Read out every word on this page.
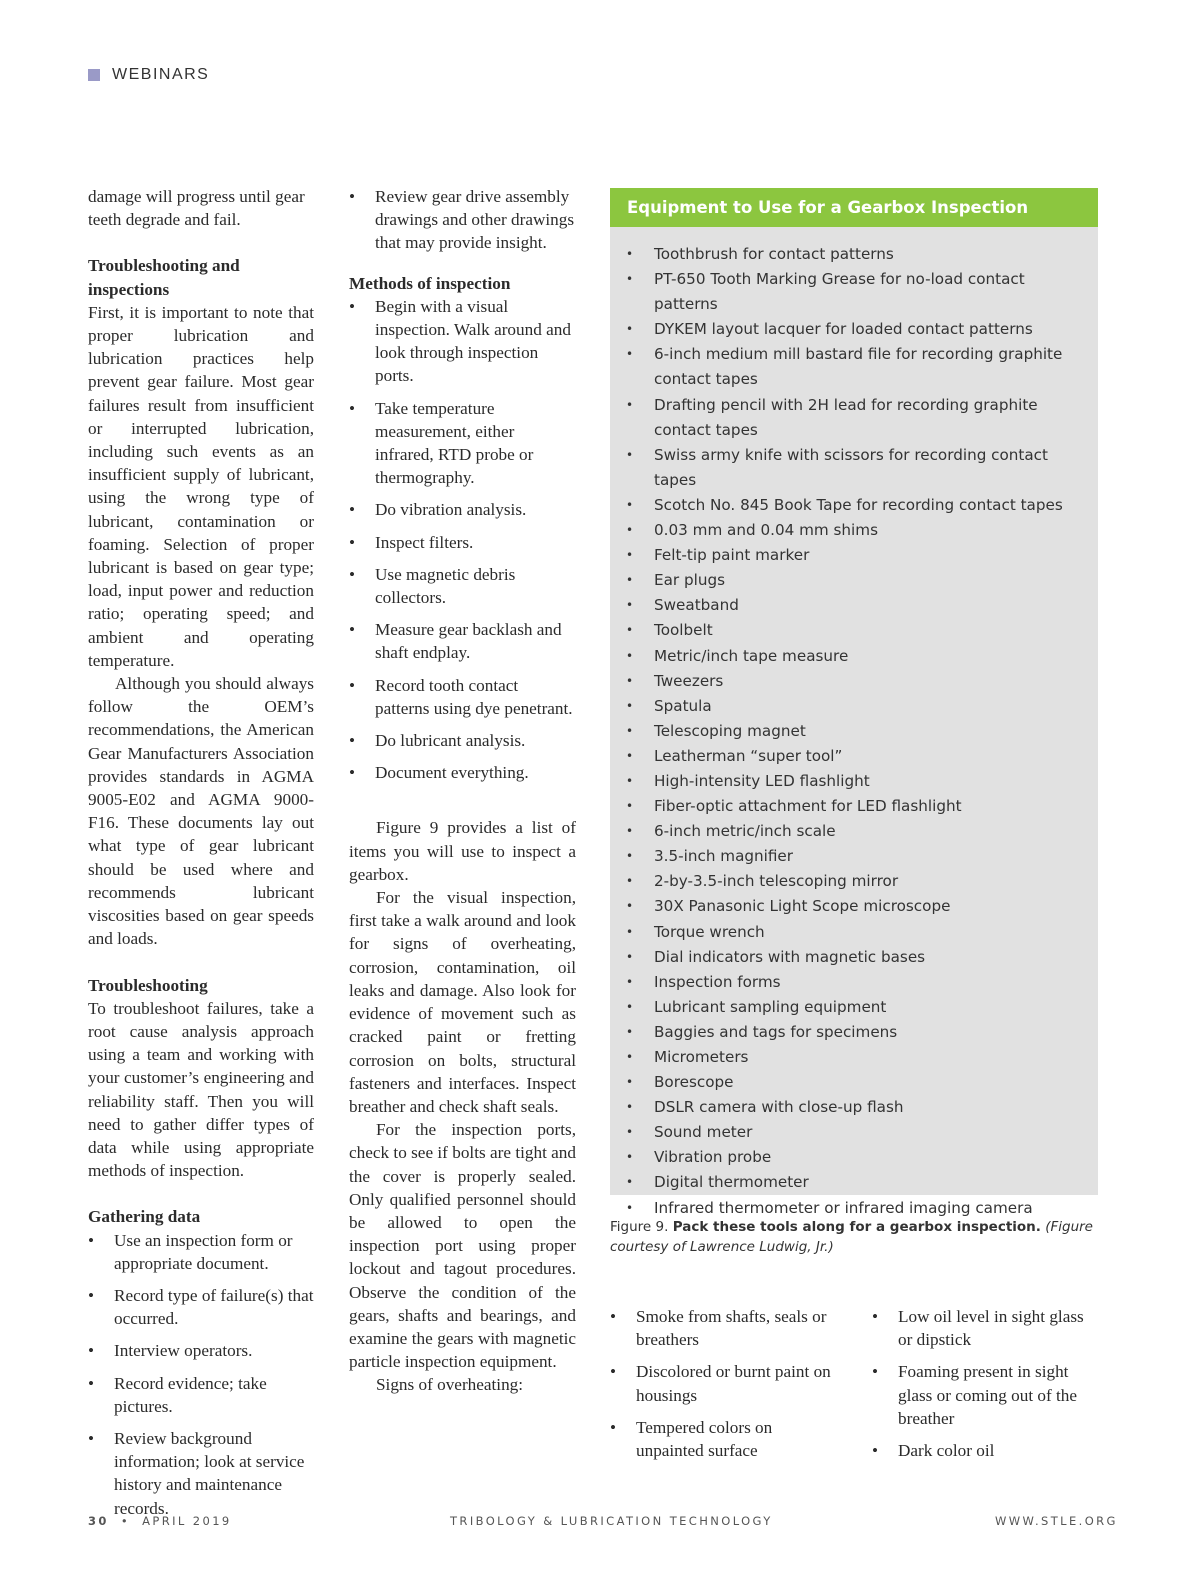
WEBINARS

damage will progress until gear teeth degrade and fail.

Troubleshooting and inspections

First, it is important to note that proper lubrication and lubrication practices help prevent gear failure. Most gear failures result from insufficient or interrupted lubrication, including such events as an insufficient supply of lubricant, using the wrong type of lubricant, contamination or foaming. Selection of proper lubricant is based on gear type; load, input power and reduction ratio; operating speed; and ambient and operating temperature.

Although you should always follow the OEM’s recommendations, the American Gear Manufacturers Association provides standards in AGMA 9005-E02 and AGMA 9000-F16. These documents lay out what type of gear lubricant should be used where and recommends lubricant viscosities based on gear speeds and loads.

Troubleshooting

To troubleshoot failures, take a root cause analysis approach using a team and working with your customer’s engineering and reliability staff. Then you will need to gather differ types of data while using appropriate methods of inspection.

Gathering data
• Use an inspection form or appropriate document.
• Record type of failure(s) that occurred.
• Interview operators.
• Record evidence; take pictures.
• Review background information; look at service history and maintenance records.
• Review gear drive assembly drawings and other drawings that may provide insight.
Methods of inspection
• Begin with a visual inspection. Walk around and look through inspection ports.
• Take temperature measurement, either infrared, RTD probe or thermography.
• Do vibration analysis.
• Inspect filters.
• Use magnetic debris collectors.
• Measure gear backlash and shaft endplay.
• Record tooth contact patterns using dye penetrant.
• Do lubricant analysis.
• Document everything.

Figure 9 provides a list of items you will use to inspect a gearbox.

For the visual inspection, first take a walk around and look for signs of overheating, corrosion, contamination, oil leaks and damage. Also look for evidence of movement such as cracked paint or fretting corrosion on bolts, structural fasteners and interfaces. Inspect breather and check shaft seals.

For the inspection ports, check to see if bolts are tight and the cover is properly sealed. Only qualified personnel should be allowed to open the inspection port using proper lockout and tagout procedures. Observe the condition of the gears, shafts and bearings, and examine the gears with magnetic particle inspection equipment.

Signs of overheating:

Equipment to Use for a Gearbox Inspection
• Toothbrush for contact patterns
• PT-650 Tooth Marking Grease for no-load contact patterns
• DYKEM layout lacquer for loaded contact patterns
• 6-inch medium mill bastard file for recording graphite contact tapes
• Drafting pencil with 2H lead for recording graphite contact tapes
• Swiss army knife with scissors for recording contact tapes
• Scotch No. 845 Book Tape for recording contact tapes
• 0.03 mm and 0.04 mm shims
• Felt-tip paint marker
• Ear plugs
• Sweatband
• Toolbelt
• Metric/inch tape measure
• Tweezers
• Spatula
• Telescoping magnet
• Leatherman “super tool”
• High-intensity LED flashlight
• Fiber-optic attachment for LED flashlight
• 6-inch metric/inch scale
• 3.5-inch magnifier
• 2-by-3.5-inch telescoping mirror
• 30X Panasonic Light Scope microscope
• Torque wrench
• Dial indicators with magnetic bases
• Inspection forms
• Lubricant sampling equipment
• Baggies and tags for specimens
• Micrometers
• Borescope
• DSLR camera with close-up flash
• Sound meter
• Vibration probe
• Digital thermometer
• Infrared thermometer or infrared imaging camera
Figure 9. Pack these tools along for a gearbox inspection. (Figure courtesy of Lawrence Ludwig, Jr.)
• Smoke from shafts, seals or breathers
• Discolored or burnt paint on housings
• Tempered colors on unpainted surface
• Low oil level in sight glass or dipstick
• Foaming present in sight glass or coming out of the breather
• Dark color oil
30 • APRIL 2019	TRIBOLOGY & LUBRICATION TECHNOLOGY	WWW.STLE.ORG
